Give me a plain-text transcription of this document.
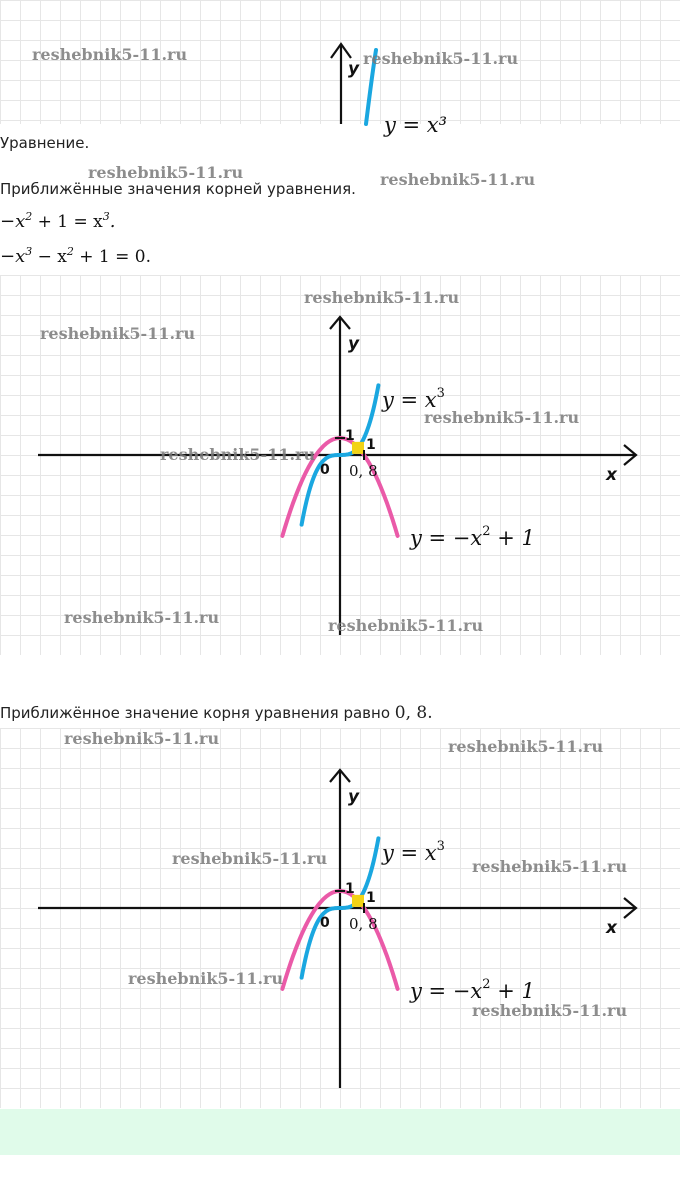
y
y = x³
reshebnik5-11.ru	reshebnik5-11.ru
Уравнение.
Приближённые значения корней уравнения.
reshebnik5-11.ru	reshebnik5-11.ru
$-x^2 + 1 = x^3$.
$-x^3 - x^2 + 1 = 0$.
y
x
0
1
1
0, 8
$y = x^3$
$y = -x^2 + 1$
reshebnik5-11.ru
reshebnik5-11.ru
reshebnik5-11.ru
reshebnik5-11.ru
reshebnik5-11.ru	reshebnik5-11.ru
Приближённое значение корня уравнения равно 0, 8.
y
x
0
1
1
0, 8
$y = x^3$
$y = -x^2 + 1$
reshebnik5-11.ru	reshebnik5-11.ru
reshebnik5-11.ru	reshebnik5-11.ru
reshebnik5-11.ru
reshebnik5-11.ru
